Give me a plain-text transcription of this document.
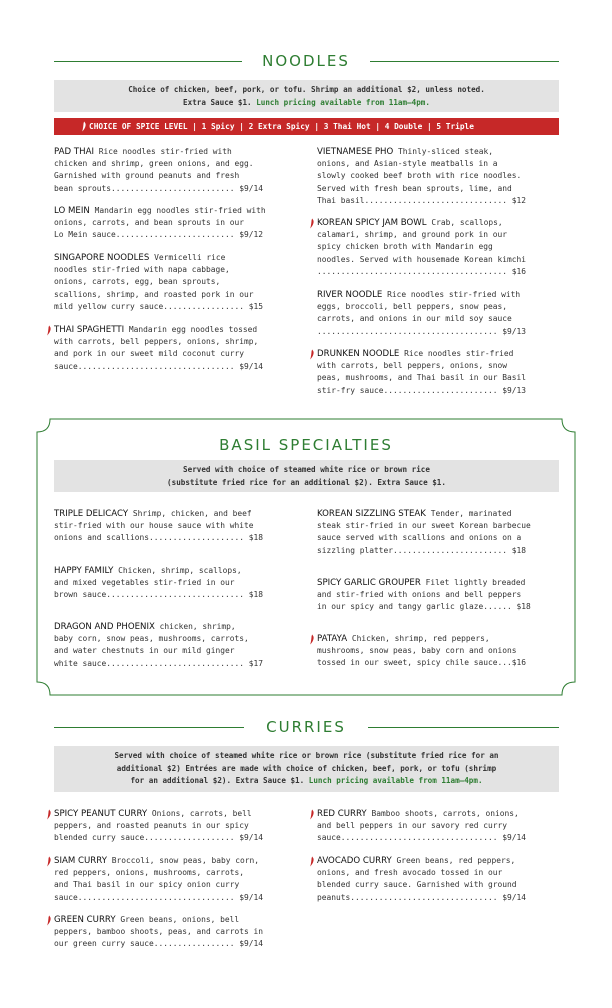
NOODLES
Choice of chicken, beef, pork, or tofu. Shrimp an additional $2, unless noted.
Extra Sauce $1. Lunch pricing available from 11am–4pm.
CHOICE OF SPICE LEVEL | 1 Spicy | 2 Extra Spicy | 3 Thai Hot | 4 Double | 5 Triple
PAD THAI Rice noodles stir-fried with
chicken and shrimp, green onions, and egg.
Garnished with ground peanuts and fresh
bean sprouts.......................... $9/14
LO MEIN Mandarin egg noodles stir-fried with
onions, carrots, and bean sprouts in our
Lo Mein sauce......................... $9/12
SINGAPORE NOODLES Vermicelli rice
noodles stir-fried with napa cabbage,
onions, carrots, egg, bean sprouts,
scallions, shrimp, and roasted pork in our
mild yellow curry sauce................. $15
THAI SPAGHETTI Mandarin egg noodles tossed
with carrots, bell peppers, onions, shrimp,
and pork in our sweet mild coconut curry
sauce................................. $9/14
VIETNAMESE PHO Thinly-sliced steak,
onions, and Asian-style meatballs in a
slowly cooked beef broth with rice noodles.
Served with fresh bean sprouts, lime, and
Thai basil.............................. $12
KOREAN SPICY JAM BOWL Crab, scallops,
calamari, shrimp, and ground pork in our
spicy chicken broth with Mandarin egg
noodles. Served with housemade Korean kimchi
........................................ $16
RIVER NOODLE Rice noodles stir-fried with
eggs, broccoli, bell peppers, snow peas,
carrots, and onions in our mild soy sauce
...................................... $9/13
DRUNKEN NOODLE Rice noodles stir-fried
with carrots, bell peppers, onions, snow
peas, mushrooms, and Thai basil in our Basil
stir-fry sauce........................ $9/13
BASIL SPECIALTIES
Served with choice of steamed white rice or brown rice
(substitute fried rice for an additional $2). Extra Sauce $1.
TRIPLE DELICACY Shrimp, chicken, and beef
stir-fried with our house sauce with white
onions and scallions.................... $18
HAPPY FAMILY Chicken, shrimp, scallops,
and mixed vegetables stir-fried in our
brown sauce............................. $18
DRAGON AND PHOENIX chicken, shrimp,
baby corn, snow peas, mushrooms, carrots,
and water chestnuts in our mild ginger
white sauce............................. $17
KOREAN SIZZLING STEAK Tender, marinated
steak stir-fried in our sweet Korean barbecue
sauce served with scallions and onions on a
sizzling platter........................ $18
SPICY GARLIC GROUPER Filet lightly breaded
and stir-fried with onions and bell peppers
in our spicy and tangy garlic glaze...... $18
PATAYA Chicken, shrimp, red peppers,
mushrooms, snow peas, baby corn and onions
tossed in our sweet, spicy chile sauce...$16
CURRIES
Served with choice of steamed white rice or brown rice (substitute fried rice for an
additional $2) Entrées are made with choice of chicken, beef, pork, or tofu (shrimp
for an additional $2). Extra Sauce $1. Lunch pricing available from 11am–4pm.
SPICY PEANUT CURRY Onions, carrots, bell
peppers, and roasted peanuts in our spicy
blended curry sauce................... $9/14
SIAM CURRY Broccoli, snow peas, baby corn,
red peppers, onions, mushrooms, carrots,
and Thai basil in our spicy onion curry
sauce................................. $9/14
GREEN CURRY Green beans, onions, bell
peppers, bamboo shoots, peas, and carrots in
our green curry sauce................. $9/14
RED CURRY Bamboo shoots, carrots, onions,
and bell peppers in our savory red curry
sauce................................. $9/14
AVOCADO CURRY Green beans, red peppers,
onions, and fresh avocado tossed in our
blended curry sauce. Garnished with ground
peanuts............................... $9/14
